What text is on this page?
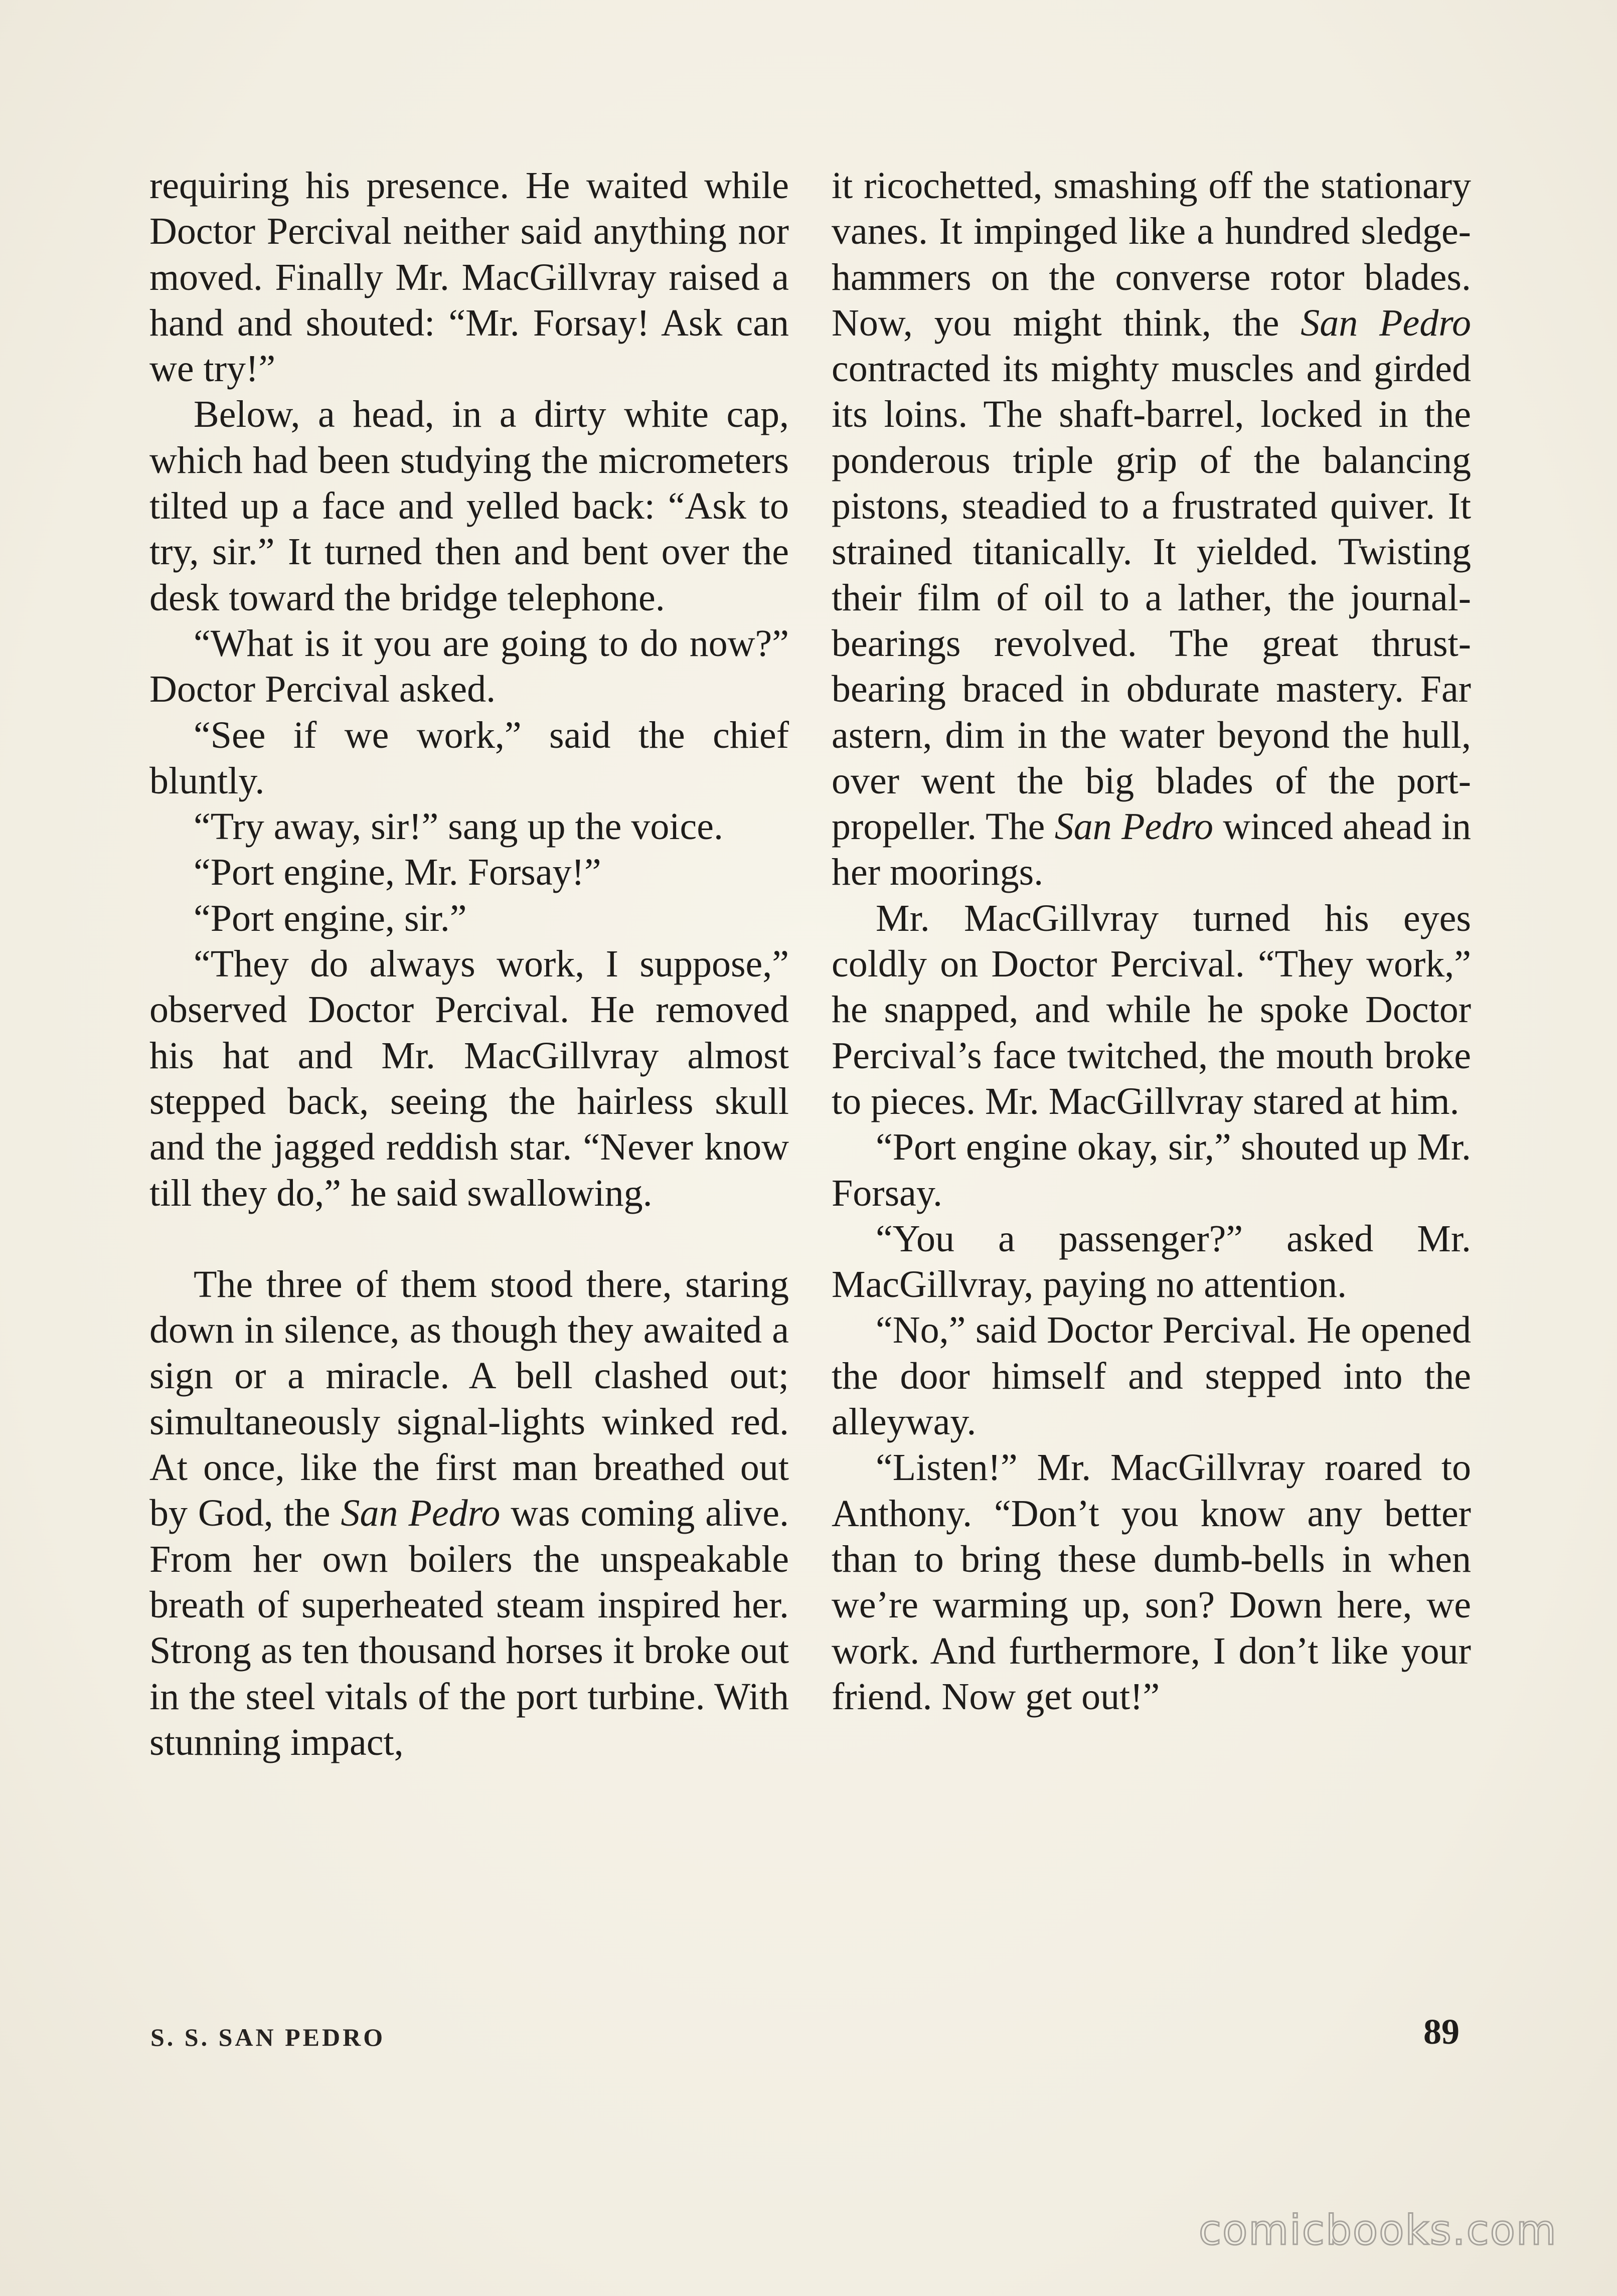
requiring his presence. He waited while Doctor Percival neither said anything nor moved. Finally Mr. MacGillvray raised a hand and shouted: “Mr. Forsay! Ask can we try!”

Below, a head, in a dirty white cap, which had been studying the micrometers tilted up a face and yelled back: “Ask to try, sir.” It turned then and bent over the desk toward the bridge telephone.

“What is it you are going to do now?” Doctor Percival asked.

“See if we work,” said the chief bluntly.

“Try away, sir!” sang up the voice.

“Port engine, Mr. Forsay!”

“Port engine, sir.”

“They do always work, I suppose,” observed Doctor Percival. He removed his hat and Mr. MacGillvray almost stepped back, seeing the hairless skull and the jagged reddish star. “Never know till they do,” he said swallowing.

The three of them stood there, staring down in silence, as though they awaited a sign or a miracle. A bell clashed out; simultaneously signal-lights winked red. At once, like the first man breathed out by God, the San Pedro was coming alive. From her own boilers the unspeakable breath of superheated steam inspired her. Strong as ten thousand horses it broke out in the steel vitals of the port turbine. With stunning impact,

it ricochetted, smashing off the stationary vanes. It impinged like a hundred sledge-hammers on the converse rotor blades. Now, you might think, the San Pedro contracted its mighty muscles and girded its loins. The shaft-barrel, locked in the ponderous triple grip of the balancing pistons, steadied to a frustrated quiver. It strained titanically. It yielded. Twisting their film of oil to a lather, the journal-bearings revolved. The great thrust-bearing braced in obdurate mastery. Far astern, dim in the water beyond the hull, over went the big blades of the port-propeller. The San Pedro winced ahead in her moorings.

Mr. MacGillvray turned his eyes coldly on Doctor Percival. “They work,” he snapped, and while he spoke Doctor Percival’s face twitched, the mouth broke to pieces. Mr. MacGillvray stared at him.

“Port engine okay, sir,” shouted up Mr. Forsay.

“You a passenger?” asked Mr. MacGillvray, paying no attention.

“No,” said Doctor Percival. He opened the door himself and stepped into the alleyway.

“Listen!” Mr. MacGillvray roared to Anthony. “Don’t you know any better than to bring these dumb-bells in when we’re warming up, son? Down here, we work. And furthermore, I don’t like your friend. Now get out!”

S. S. SAN PEDRO	89
comicbooks.com
